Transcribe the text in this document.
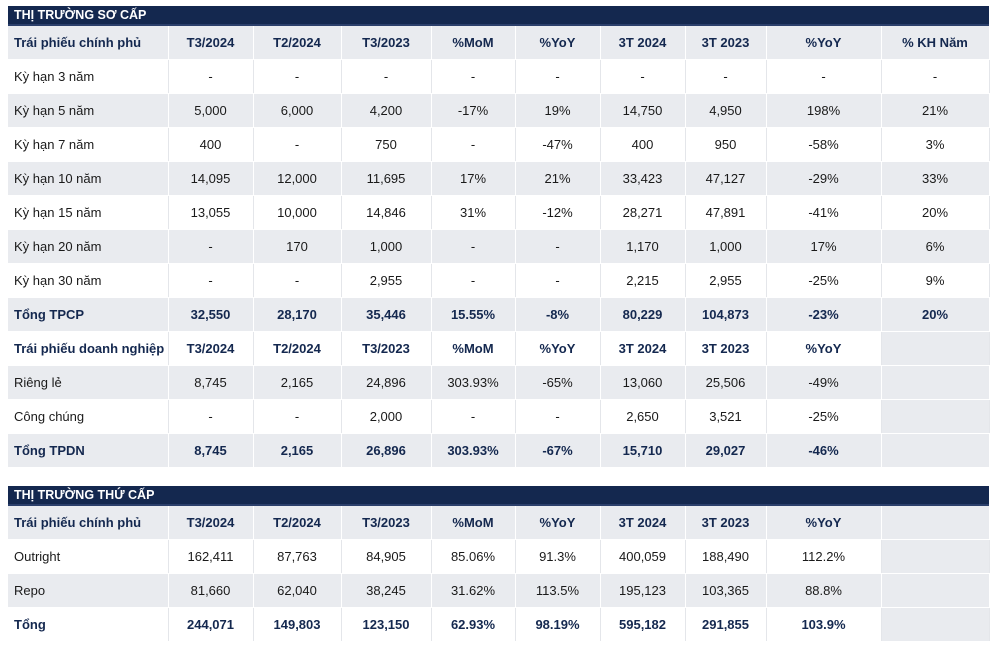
THỊ TRƯỜNG SƠ CẤP
Trái phiếu chính phủ	T3/2024	T2/2024	T3/2023	%MoM	%YoY	3T 2024	3T 2023	%YoY	% KH Năm
Kỳ hạn 3 năm	-	-	-	-	-	-	-	-	-
Kỳ hạn 5 năm	5,000	6,000	4,200	-17%	19%	14,750	4,950	198%	21%
Kỳ hạn 7 năm	400	-	750	-	-47%	400	950	-58%	3%
Kỳ hạn 10 năm	14,095	12,000	11,695	17%	21%	33,423	47,127	-29%	33%
Kỳ hạn 15 năm	13,055	10,000	14,846	31%	-12%	28,271	47,891	-41%	20%
Kỳ hạn 20 năm	-	170	1,000	-	-	1,170	1,000	17%	6%
Kỳ hạn 30 năm	-	-	2,955	-	-	2,215	2,955	-25%	9%
Tổng TPCP	32,550	28,170	35,446	15.55%	-8%	80,229	104,873	-23%	20%
Trái phiếu doanh nghiệp	T3/2024	T2/2024	T3/2023	%MoM	%YoY	3T 2024	3T 2023	%YoY	
Riêng lẻ	8,745	2,165	24,896	303.93%	-65%	13,060	25,506	-49%	
Công chúng	-	-	2,000	-	-	2,650	3,521	-25%	
Tổng TPDN	8,745	2,165	26,896	303.93%	-67%	15,710	29,027	-46%	
THỊ TRƯỜNG THỨ CẤP
Trái phiếu chính phủ	T3/2024	T2/2024	T3/2023	%MoM	%YoY	3T 2024	3T 2023	%YoY	
Outright	162,411	87,763	84,905	85.06%	91.3%	400,059	188,490	112.2%	
Repo	81,660	62,040	38,245	31.62%	113.5%	195,123	103,365	88.8%	
Tổng	244,071	149,803	123,150	62.93%	98.19%	595,182	291,855	103.9%	
